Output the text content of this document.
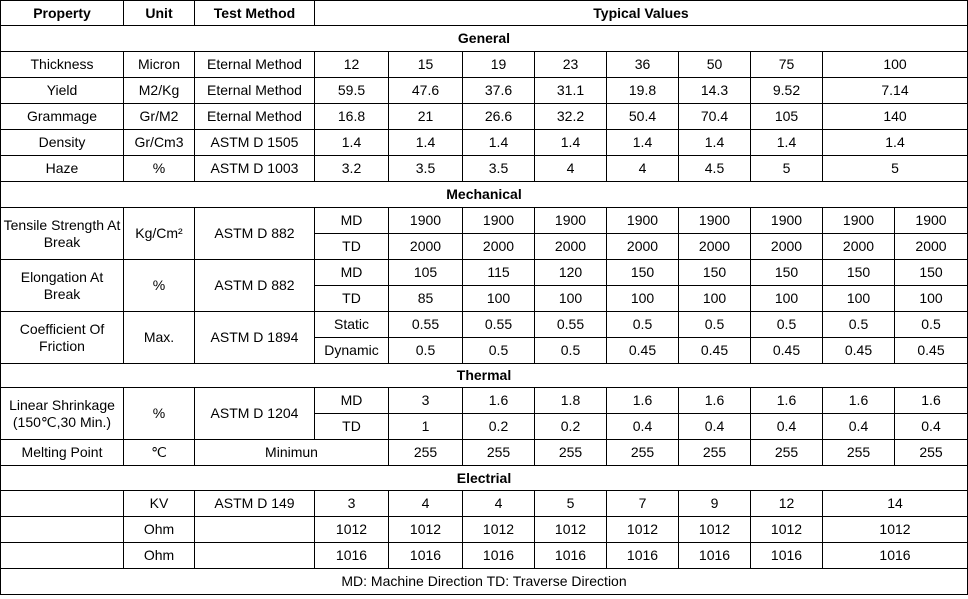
Property	Unit	Test Method	Typical Values								
General											
Thickness	Micron	Eternal Method	12	15	19	23	36	50	75	100	
Yield	M2/Kg	Eternal Method	59.5	47.6	37.6	31.1	19.8	14.3	9.52	7.14	
Grammage	Gr/M2	Eternal Method	16.8	21	26.6	32.2	50.4	70.4	105	140	
Density	Gr/Cm3	ASTM D 1505	1.4	1.4	1.4	1.4	1.4	1.4	1.4	1.4	
Haze	%	ASTM D 1003	3.2	3.5	3.5	4	4	4.5	5	5	
Mechanical											
Tensile Strength At Break	Kg/Cm²	ASTM D 882	MD	1900	1900	1900	1900	1900	1900	1900	1900
			TD	2000	2000	2000	2000	2000	2000	2000	2000
Elongation At Break	%	ASTM D 882	MD	105	115	120	150	150	150	150	150
			TD	85	100	100	100	100	100	100	100
Coefficient Of Friction	Max.	ASTM D 1894	Static	0.55	0.55	0.55	0.5	0.5	0.5	0.5	0.5
			Dynamic	0.5	0.5	0.5	0.45	0.45	0.45	0.45	0.45
Thermal											
Linear Shrinkage (150℃,30 Min.)	%	ASTM D 1204	MD	3	1.6	1.8	1.6	1.6	1.6	1.6	1.6
			TD	1	0.2	0.2	0.4	0.4	0.4	0.4	0.4
Melting Point	℃	Minimun		255	255	255	255	255	255	255	255
Electrial											
	KV	ASTM D 149	3	4	4	5	7	9	12	14	
	Ohm		1012	1012	1012	1012	1012	1012	1012	1012	
	Ohm		1016	1016	1016	1016	1016	1016	1016	1016	
MD: Machine Direction TD: Traverse Direction											
